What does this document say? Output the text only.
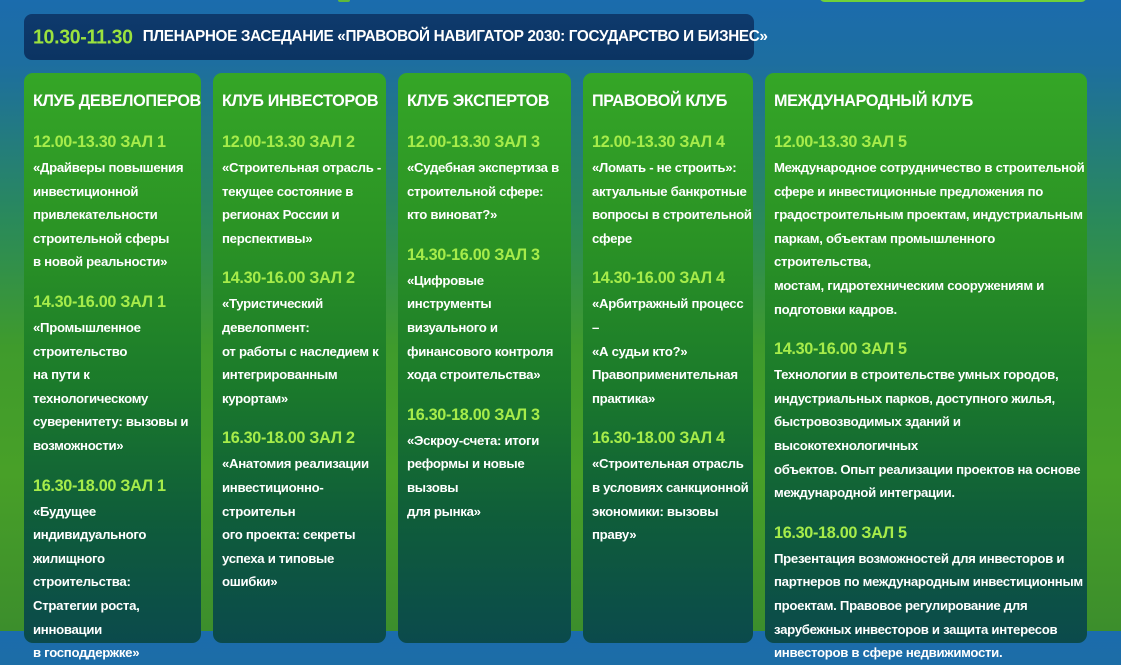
10.30-11.30 ПЛЕНАРНОЕ ЗАСЕДАНИЕ «ПРАВОВОЙ НАВИГАТОР 2030: ГОСУДАРСТВО И БИЗНЕС»
КЛУБ ДЕВЕЛОПЕРОВ
12.00-13.30 ЗАЛ 1

«Драйверы повышения
инвестиционной
привлекательности
строительной сферы
в новой реальности»

14.30-16.00 ЗАЛ 1

«Промышленное
строительство
на пути к технологическому
суверенитету: вызовы и
возможности»

16.30-18.00 ЗАЛ 1

«Будущее индивидуального
жилищного строительства:
Стратегии роста, инновации
в господдержке»

КЛУБ ИНВЕСТОРОВ
12.00-13.30 ЗАЛ 2

«Строительная отрасль -
текущее состояние в
регионах России и
перспективы»

14.30-16.00 ЗАЛ 2

«Туристический
девелопмент:
от работы с наследием к
интегрированным
курортам»

16.30-18.00 ЗАЛ 2

«Анатомия реализации
инвестиционно-строительн
ого проекта: секреты
успеха и типовые ошибки»

КЛУБ ЭКСПЕРТОВ
12.00-13.30 ЗАЛ 3

«Судебная экспертиза в
строительной сфере:
кто виноват?»

14.30-16.00 ЗАЛ 3

«Цифровые инструменты
визуального и
финансового контроля
хода строительства»

16.30-18.00 ЗАЛ 3

«Эскроу-счета: итоги
реформы и новые вызовы
для рынка»

ПРАВОВОЙ КЛУБ
12.00-13.30 ЗАЛ 4

«Ломать - не строить»:
актуальные банкротные
вопросы в строительной
сфере

14.30-16.00 ЗАЛ 4

«Арбитражный процесс –
«А судьи кто?»
Правоприменительная
практика»

16.30-18.00 ЗАЛ 4

«Строительная отрасль
в условиях санкционной
экономики: вызовы праву»

МЕЖДУНАРОДНЫЙ КЛУБ
12.00-13.30 ЗАЛ 5

Международное сотрудничество в строительной
сфере и инвестиционные предложения по
градостроительным проектам, индустриальным
паркам, объектам промышленного строительства,
мостам, гидротехническим сооружениям и
подготовки кадров.

14.30-16.00 ЗАЛ 5

Технологии в строительстве умных городов,
индустриальных парков, доступного жилья,
быстровозводимых зданий и высокотехнологичных
объектов. Опыт реализации проектов на основе
международной интеграции.

16.30-18.00 ЗАЛ 5

Презентация возможностей для инвесторов и
партнеров по международным инвестиционным
проектам. Правовое регулирование для
зарубежных инвесторов и защита интересов
инвесторов в сфере недвижимости.
